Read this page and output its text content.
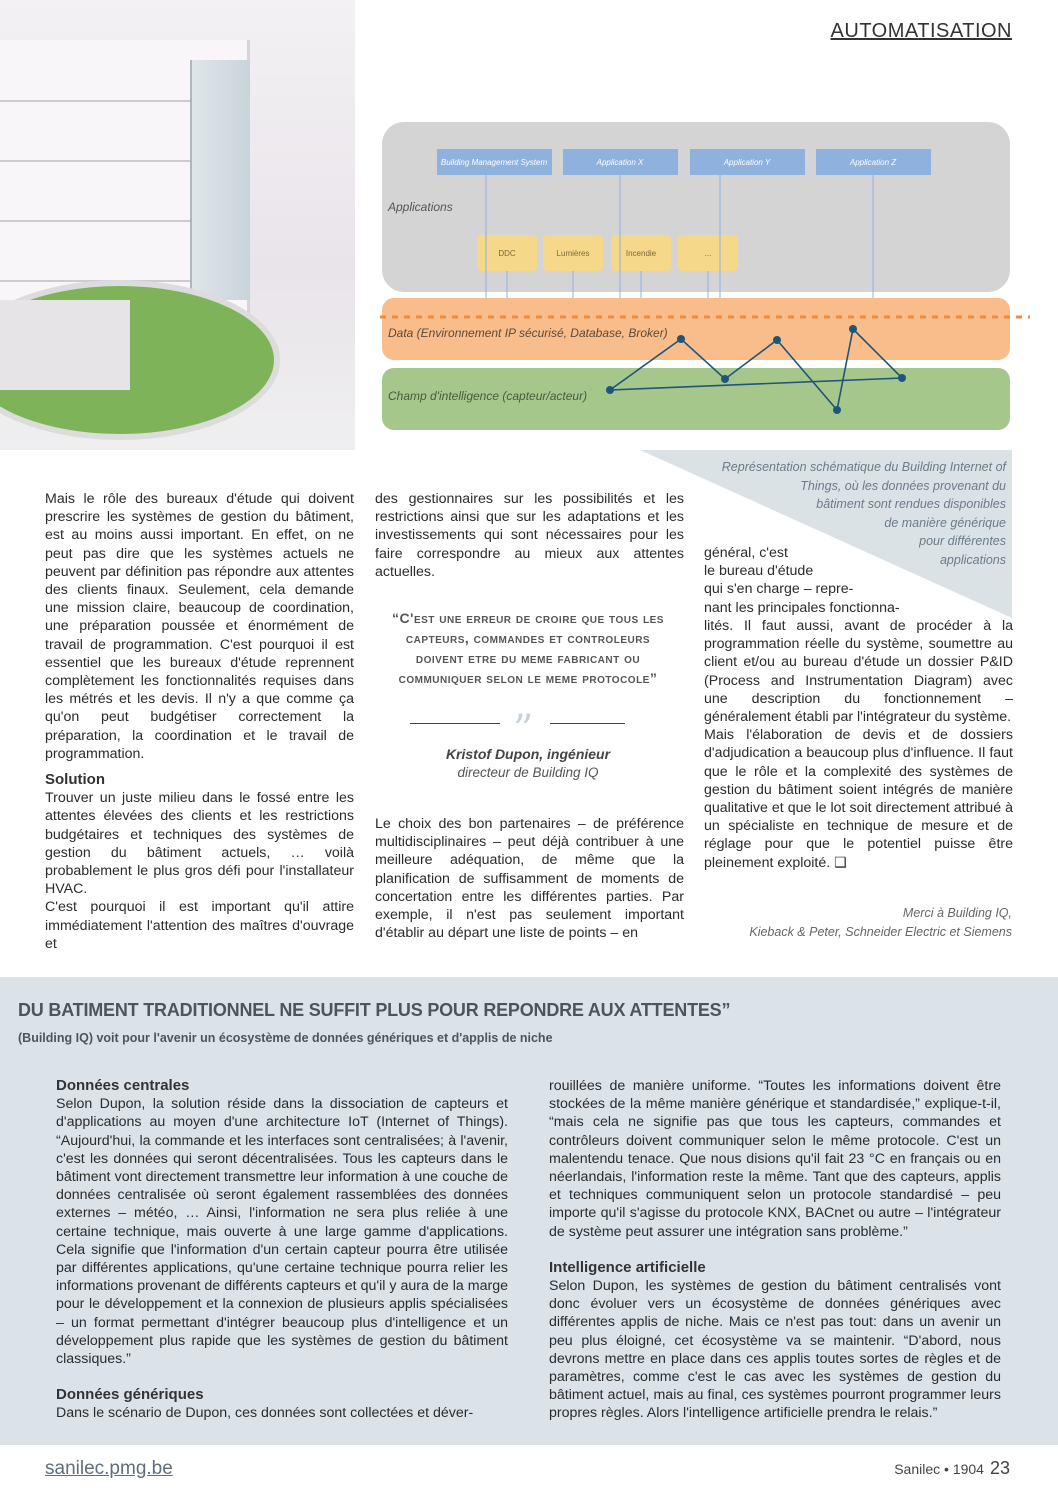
AUTOMATISATION
Applications
Building Management System	Application X	Application Y	Application Z
DDC	Lumières	Incendie	...
Data (Environnement IP sécurisé, Database, Broker)
Champ d'intelligence (capteur/acteur)
Représentation schématique du Building Internet of
Things, où les données provenant du
bâtiment sont rendues disponibles
de manière générique
pour différentes
applications

Mais le rôle des bureaux d'étude qui doivent prescrire les systèmes de gestion du bâtiment, est au moins aussi important. En effet, on ne peut pas dire que les systèmes actuels ne peuvent par définition pas répondre aux attentes des clients finaux. Seulement, cela demande une mission claire, beaucoup de coordination, une préparation poussée et énormément de travail de programmation. C'est pourquoi il est essentiel que les bureaux d'étude reprennent complètement les fonctionnalités requises dans les métrés et les devis. Il n'y a que comme ça qu'on peut budgétiser correctement la préparation, la coordination et le travail de programmation.

Solution

Trouver un juste milieu dans le fossé entre les attentes élevées des clients et les restrictions budgétaires et techniques des systèmes de gestion du bâtiment actuels, … voilà probablement le plus gros défi pour l'installateur HVAC.

C'est pourquoi il est important qu'il attire immédiatement l'attention des maîtres d'ouvrage et

des gestionnaires sur les possibilités et les restrictions ainsi que sur les adaptations et les investissements qui sont nécessaires pour les faire correspondre au mieux aux attentes actuelles.

“C'est une erreur de croire que tous les capteurs, commandes et controleurs doivent etre du meme fabricant ou communiquer selon le meme protocole”
”
Kristof Dupon, ingénieur
directeur de Building IQ

Le choix des bon partenaires – de préférence multidisciplinaires – peut déjà contribuer à une meilleure adéquation, de même que la planification de suffisamment de moments de concertation entre les différentes parties. Par exemple, il n'est pas seulement important d'établir au départ une liste de points – en

général, c'est
le bureau d'étude
qui s'en charge – repre-
nant les principales fonctionna-

lités. Il faut aussi, avant de procéder à la programmation réelle du système, soumettre au client et/ou au bureau d'étude un dossier P&ID (Process and Instrumentation Diagram) avec une description du fonctionnement – généralement établi par l'intégrateur du système.

Mais l'élaboration de devis et de dossiers d'adjudication a beaucoup plus d'influence. Il faut que le rôle et la complexité des systèmes de gestion du bâtiment soient intégrés de manière qualitative et que le lot soit directement attribué à un spécialiste en technique de mesure et de réglage pour que le potentiel puisse être pleinement exploité. ❑

Merci à Building IQ,
Kieback & Peter, Schneider Electric et Siemens
DU BATIMENT TRADITIONNEL NE SUFFIT PLUS POUR REPONDRE AUX ATTENTES”
(Building IQ) voit pour l'avenir un écosystème de données génériques et d'applis de niche
Données centrales

Selon Dupon, la solution réside dans la dissociation de capteurs et d'applications au moyen d'une architecture IoT (Internet of Things). “Aujourd'hui, la commande et les interfaces sont centralisées; à l'avenir, c'est les données qui seront décentralisées. Tous les capteurs dans le bâtiment vont directement transmettre leur information à une couche de données centralisée où seront également rassemblées des données externes – météo, … Ainsi, l'information ne sera plus reliée à une certaine technique, mais ouverte à une large gamme d'applications. Cela signifie que l'information d'un certain capteur pourra être utilisée par différentes applications, qu'une certaine technique pourra relier les informations provenant de différents capteurs et qu'il y aura de la marge pour le développement et la connexion de plusieurs applis spécialisées – un format permettant d'intégrer beaucoup plus d'intelligence et un développement plus rapide que les systèmes de gestion du bâtiment classiques.”

Données génériques

Dans le scénario de Dupon, ces données sont collectées et déver-

rouillées de manière uniforme. “Toutes les informations doivent être stockées de la même manière générique et standardisée,” explique-t-il, “mais cela ne signifie pas que tous les capteurs, commandes et contrôleurs doivent communiquer selon le même protocole. C'est un malentendu tenace. Que nous disions qu'il fait 23 °C en français ou en néerlandais, l'information reste la même. Tant que des capteurs, applis et techniques communiquent selon un protocole standardisé – peu importe qu'il s'agisse du protocole KNX, BACnet ou autre – l'intégrateur de système peut assurer une intégration sans problème.”

Intelligence artificielle

Selon Dupon, les systèmes de gestion du bâtiment centralisés vont donc évoluer vers un écosystème de données génériques avec différentes applis de niche. Mais ce n'est pas tout: dans un avenir un peu plus éloigné, cet écosystème va se maintenir. “D'abord, nous devrons mettre en place dans ces applis toutes sortes de règles et de paramètres, comme c'est le cas avec les systèmes de gestion du bâtiment actuel, mais au final, ces systèmes pourront programmer leurs propres règles. Alors l'intelligence artificielle prendra le relais.”

sanilec.pmg.be	Sanilec • 1904 23
